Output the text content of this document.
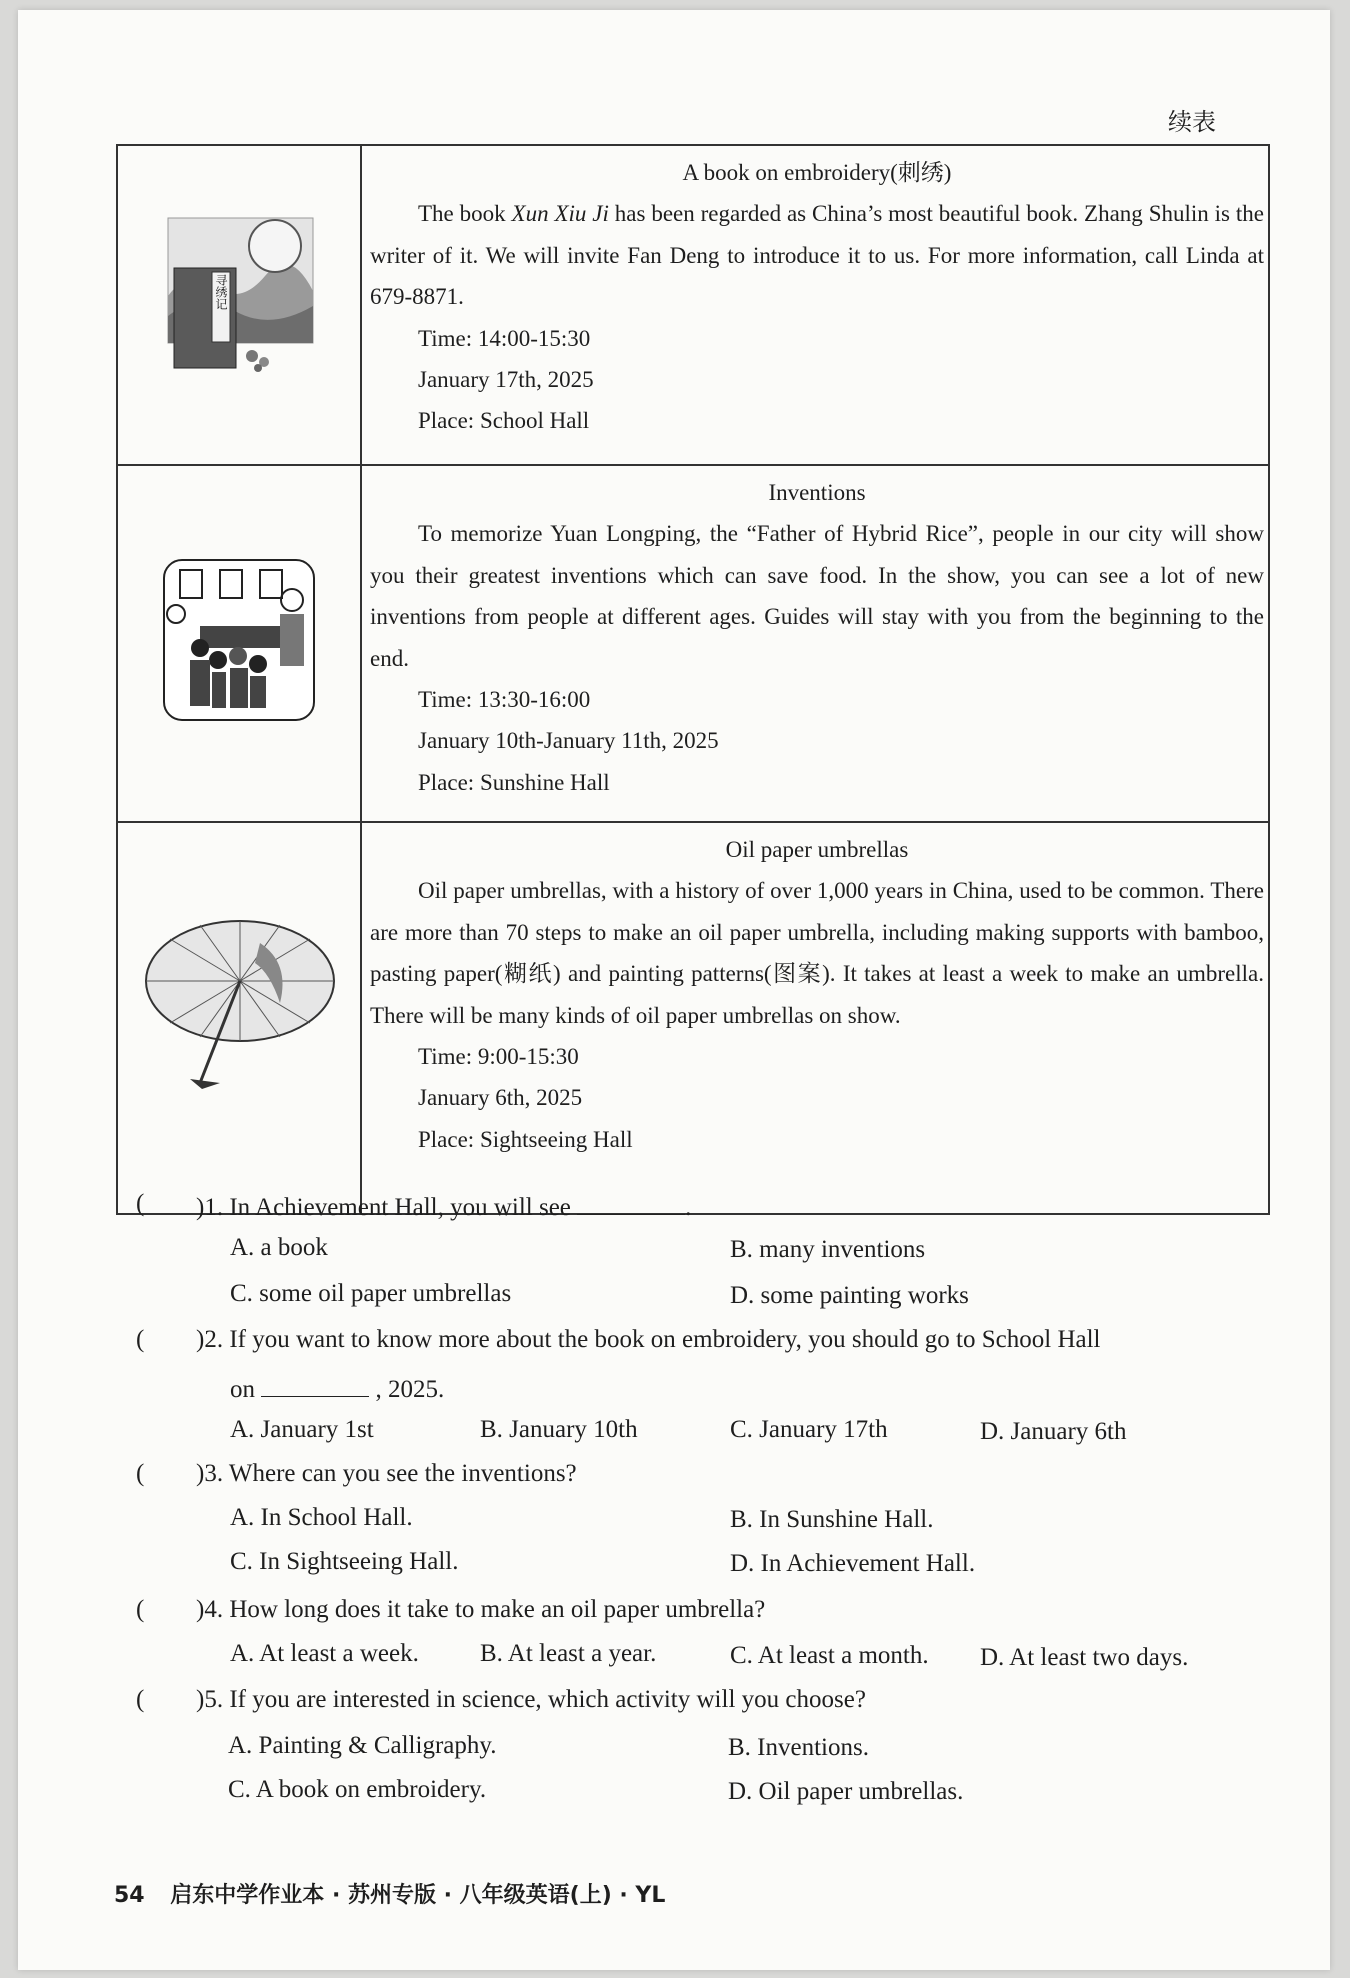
续表
寻绣记	A book on embroidery(刺绣)
The book Xun Xiu Ji has been regarded as China’s most beautiful book. Zhang Shulin is the writer of it. We will invite Fan Deng to introduce it to us. For more information, call Linda at 679-8871.
Time: 14:00-15:30
January 17th, 2025
Place: School Hall

Inventions
To memorize Yuan Longping, the “Father of Hybrid Rice”, people in our city will show you their greatest inventions which can save food. In the show, you can see a lot of new inventions from people at different ages. Guides will stay with you from the beginning to the end.
Time: 13:30-16:00
January 10th-January 11th, 2025
Place: Sunshine Hall

Oil paper umbrellas
Oil paper umbrellas, with a history of over 1,000 years in China, used to be common. There are more than 70 steps to make an oil paper umbrella, including making supports with bamboo, pasting paper(糊纸) and painting patterns(图案). It takes at least a week to make an umbrella. There will be many kinds of oil paper umbrellas on show.
Time: 9:00-15:30
January 6th, 2025
Place: Sightseeing Hall
( )1. In Achievement Hall, you will see	.
A. a book	B. many inventions
C. some oil paper umbrellas	D. some painting works
( )2. If you want to know more about the book on embroidery, you should go to School Hall
on	, 2025.
A. January 1st	B. January 10th	C. January 17th	D. January 6th
( )3. Where can you see the inventions?
A. In School Hall.	B. In Sunshine Hall.
C. In Sightseeing Hall.	D. In Achievement Hall.
( )4. How long does it take to make an oil paper umbrella?
A. At least a week. B. At least a year.	C. At least a month. D. At least two days.
( )5. If you are interested in science, which activity will you choose?
A. Painting & Calligraphy.	B. Inventions.
C. A book on embroidery.	D. Oil paper umbrellas.
54 启东中学作业本 · 苏州专版 · 八年级英语(上) · YL
